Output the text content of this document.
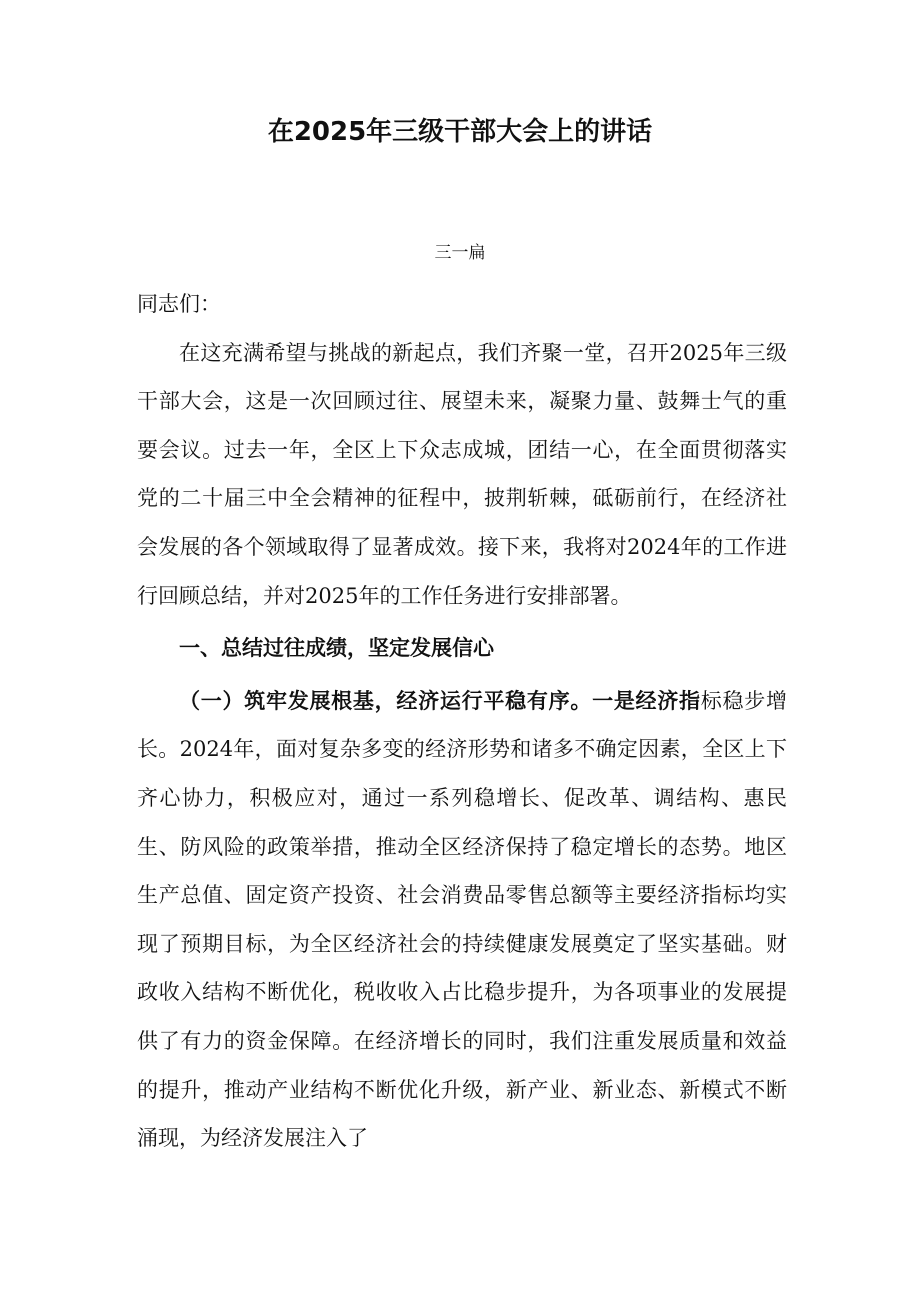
在2025年三级干部大会上的讲话
三一扁

同志们：

在这充满希望与挑战的新起点，我们齐聚一堂，召开2025年三级干部大会，这是一次回顾过往、展望未来，凝聚力量、鼓舞士气的重要会议。过去一年，全区上下众志成城，团结一心，在全面贯彻落实党的二十届三中全会精神的征程中，披荆斩棘，砥砺前行，在经济社会发展的各个领域取得了显著成效。接下来，我将对2024年的工作进行回顾总结，并对2025年的工作任务进行安排部署。

一、总结过往成绩，坚定发展信心

（一）筑牢发展根基，经济运行平稳有序。一是经济指标稳步增长。2024年，面对复杂多变的经济形势和诸多不确定因素，全区上下齐心协力，积极应对，通过一系列稳增长、促改革、调结构、惠民生、防风险的政策举措，推动全区经济保持了稳定增长的态势。地区生产总值、固定资产投资、社会消费品零售总额等主要经济指标均实现了预期目标，为全区经济社会的持续健康发展奠定了坚实基础。财政收入结构不断优化，税收收入占比稳步提升，为各项事业的发展提供了有力的资金保障。在经济增长的同时，我们注重发展质量和效益的提升，推动产业结构不断优化升级，新产业、新业态、新模式不断涌现，为经济发展注入了
